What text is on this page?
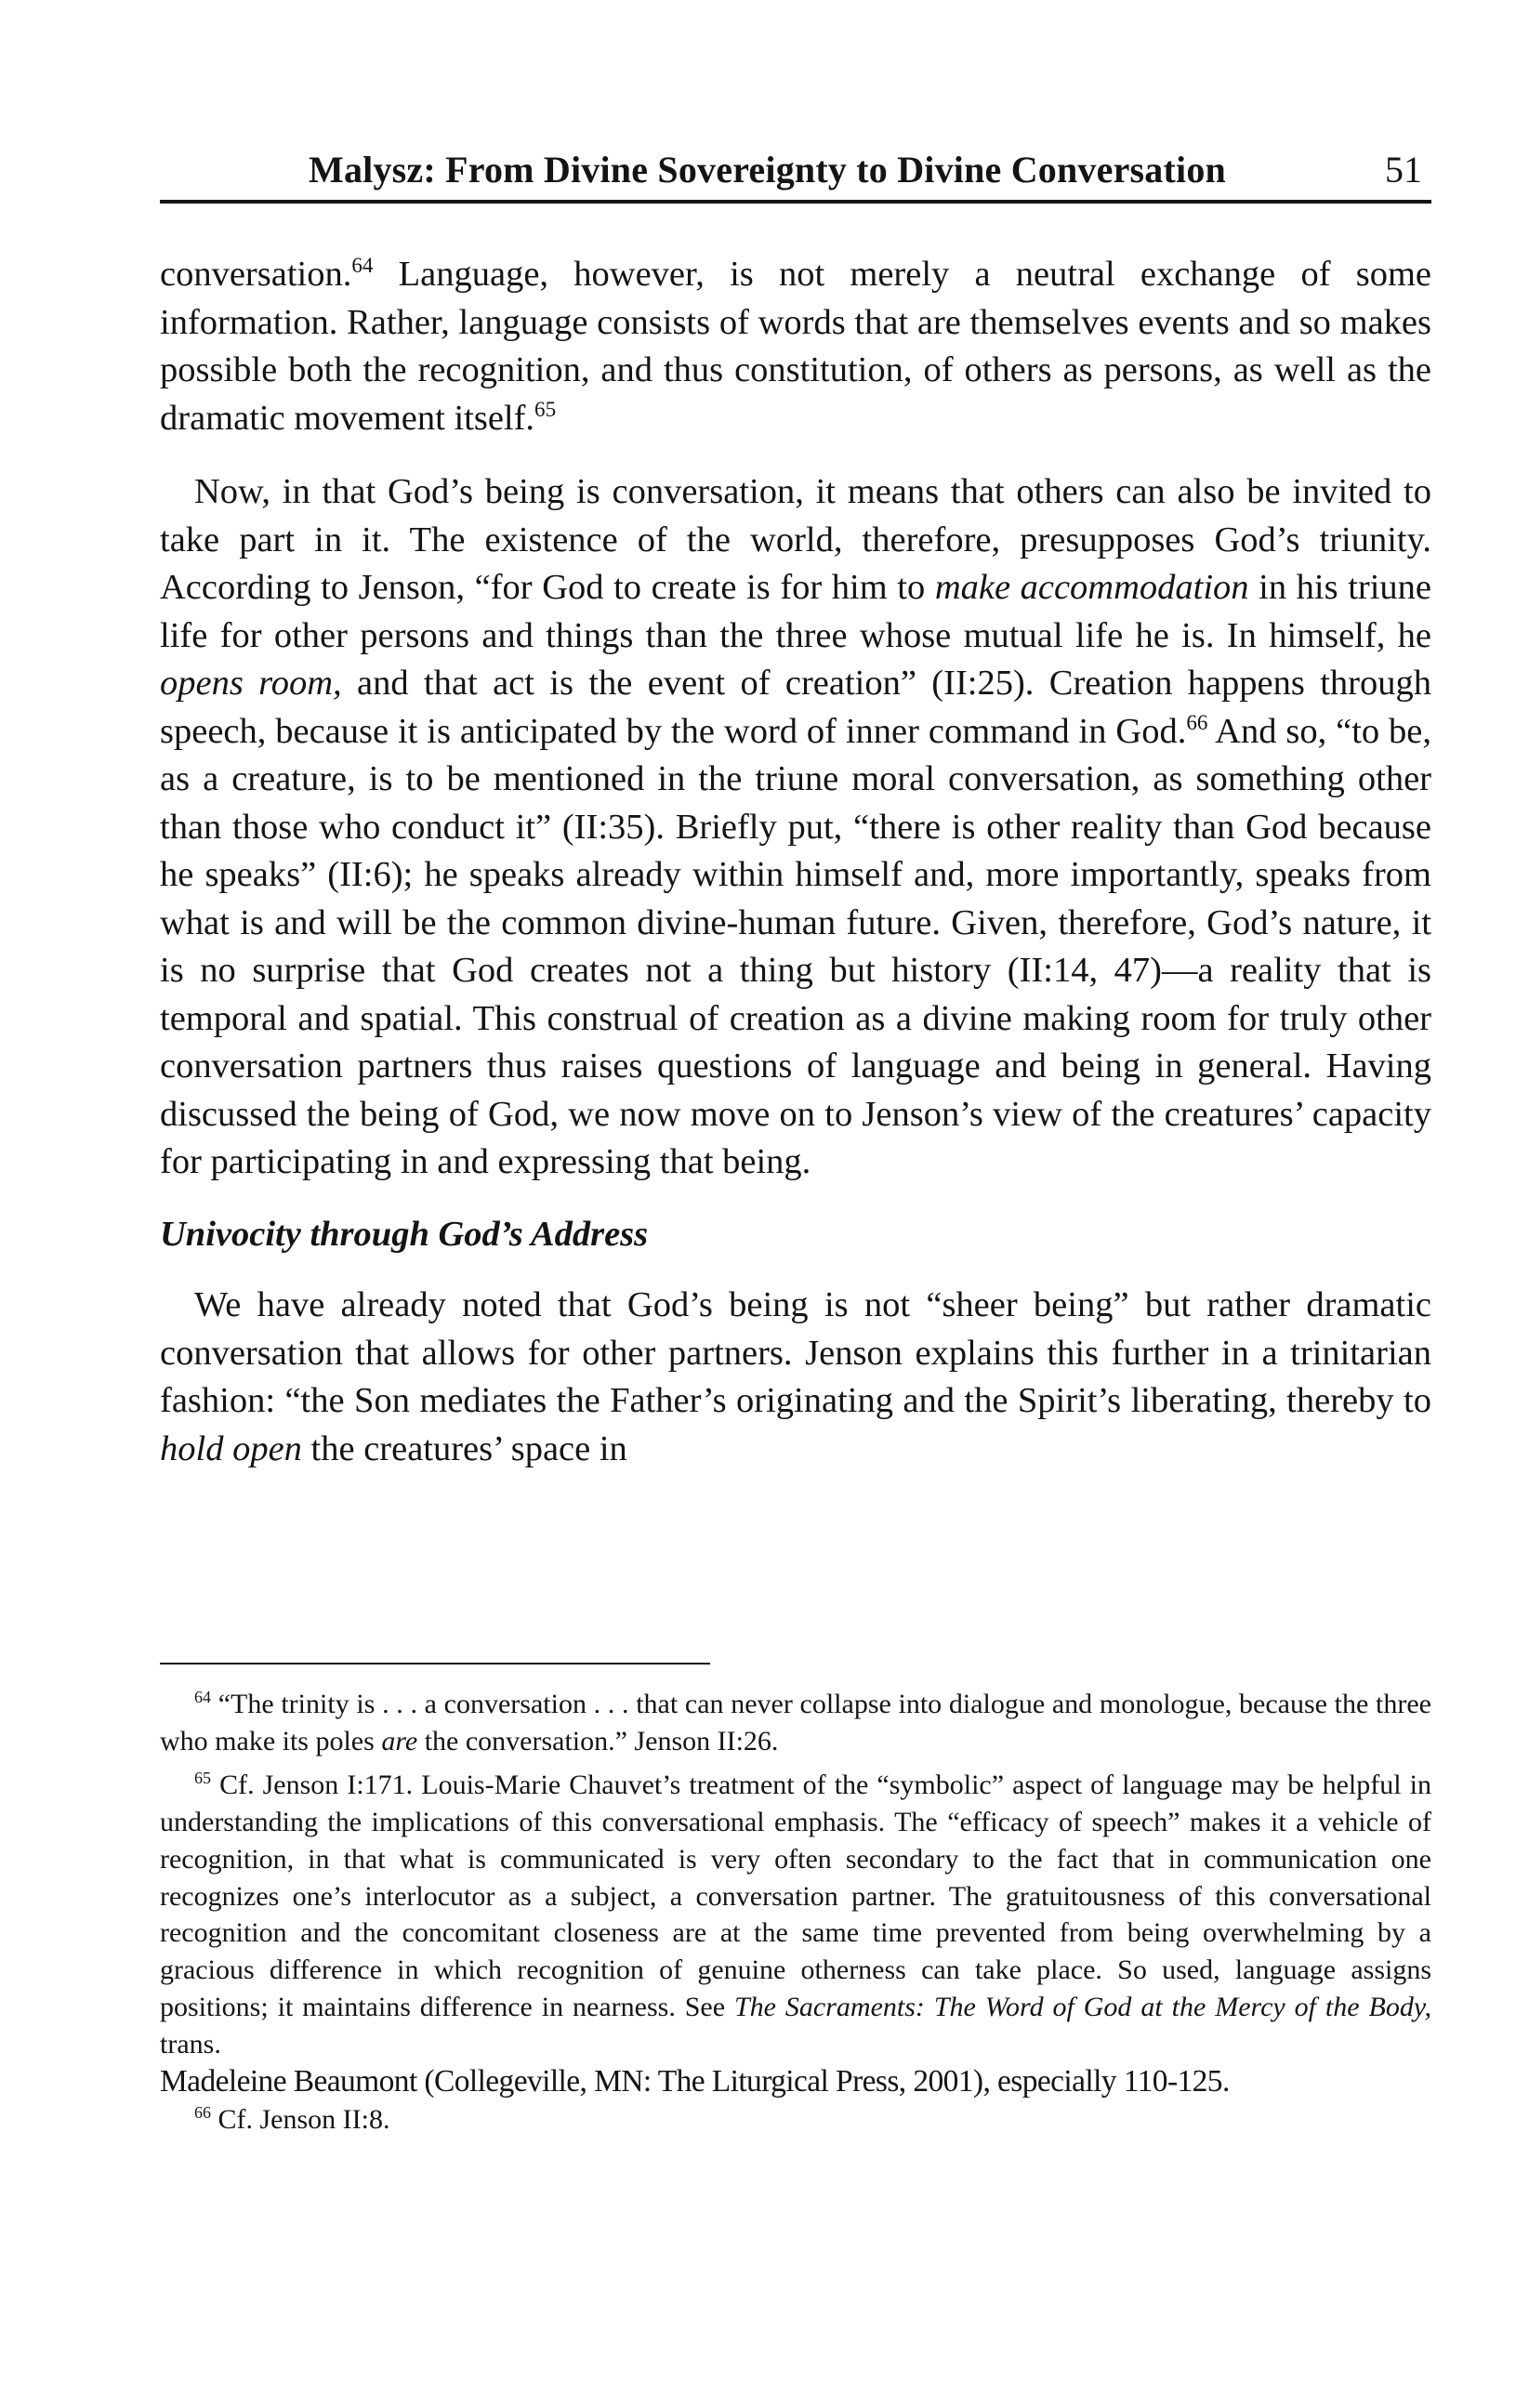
Malysz: From Divine Sovereignty to Divine Conversation	51

conversation.$^{64}$ Language, however, is not merely a neutral exchange of some information. Rather, language consists of words that are themselves events and so makes possible both the recognition, and thus constitution, of others as persons, as well as the dramatic movement itself.$^{65}$

Now, in that God’s being is conversation, it means that others can also be invited to take part in it. The existence of the world, therefore, presupposes God’s triunity. According to Jenson, “for God to create is for him to make accommodation in his triune life for other persons and things than the three whose mutual life he is. In himself, he opens room, and that act is the event of creation” (II:25). Creation happens through speech, because it is anticipated by the word of inner command in God.$^{66}$ And so, “to be, as a creature, is to be mentioned in the triune moral conversation, as something other than those who conduct it” (II:35). Briefly put, “there is other reality than God because he speaks” (II:6); he speaks already within himself and, more importantly, speaks from what is and will be the common divine-human future. Given, therefore, God’s nature, it is no surprise that God creates not a thing but history (II:14, 47)—a reality that is temporal and spatial. This construal of creation as a divine making room for truly other conversation partners thus raises questions of language and being in general. Having discussed the being of God, we now move on to Jenson’s view of the creatures’ capacity for participating in and expressing that being.

Univocity through God’s Address

We have already noted that God’s being is not “sheer being” but rather dramatic conversation that allows for other partners. Jenson explains this further in a trinitarian fashion: “the Son mediates the Father’s originating and the Spirit’s liberating, thereby to hold open the creatures’ space in

$^{64}$ “The trinity is . . . a conversation . . . that can never collapse into dialogue and monologue, because the three who make its poles are the conversation.” Jenson II:26.

$^{65}$ Cf. Jenson I:171. Louis-Marie Chauvet’s treatment of the “symbolic” aspect of language may be helpful in understanding the implications of this conversational emphasis. The “efficacy of speech” makes it a vehicle of recognition, in that what is communicated is very often secondary to the fact that in communication one recognizes one’s interlocutor as a subject, a conversation partner. The gratuitousness of this conversational recognition and the concomitant closeness are at the same time prevented from being overwhelming by a gracious difference in which recognition of genuine otherness can take place. So used, language assigns positions; it maintains difference in nearness. See The Sacraments: The Word of God at the Mercy of the Body, trans.
Madeleine Beaumont (Collegeville, MN: The Liturgical Press, 2001), especially 110-125.

$^{66}$ Cf. Jenson II:8.
